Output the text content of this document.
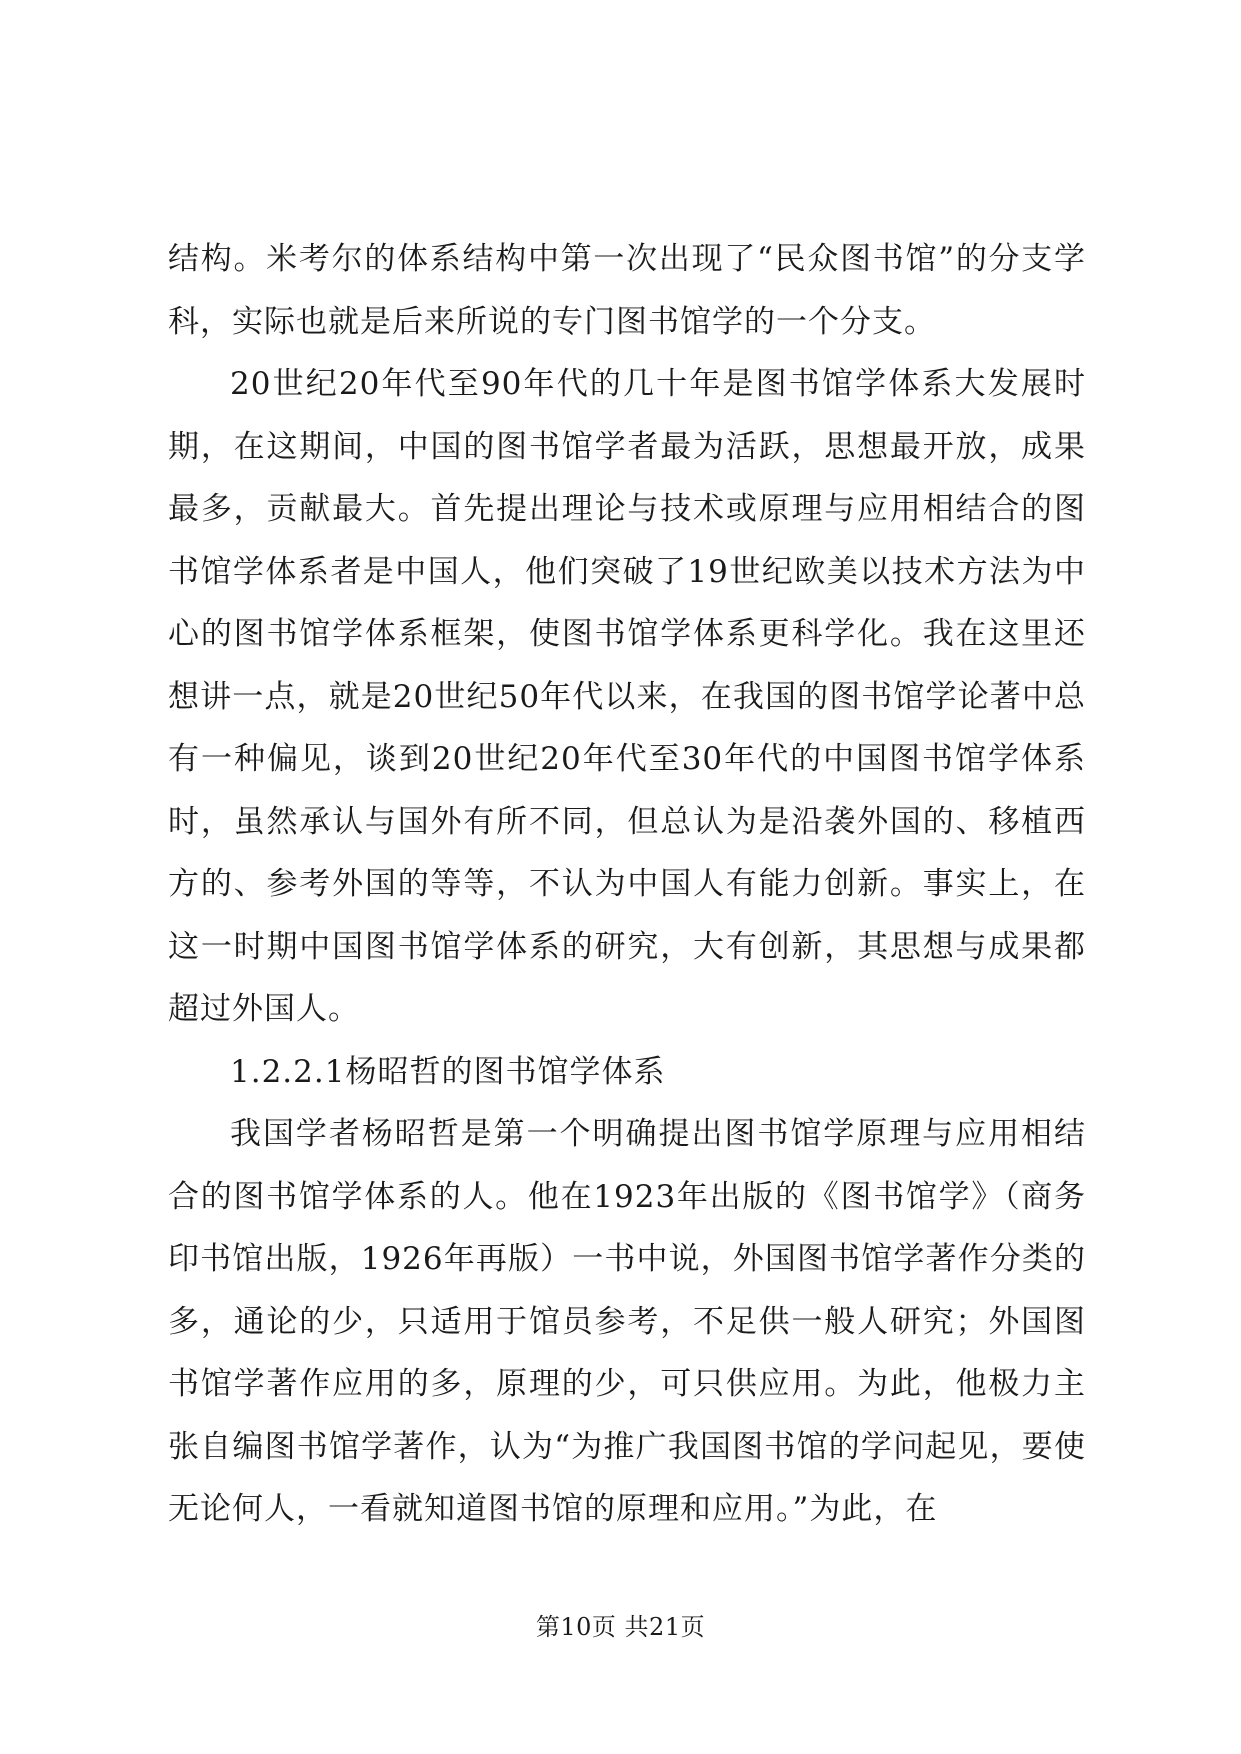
结构。米考尔的体系结构中第一次出现了“民众图书馆”的分支学科，实际也就是后来所说的专门图书馆学的一个分支。

20世纪20年代至90年代的几十年是图书馆学体系大发展时期，在这期间，中国的图书馆学者最为活跃，思想最开放，成果最多，贡献最大。首先提出理论与技术或原理与应用相结合的图书馆学体系者是中国人，他们突破了19世纪欧美以技术方法为中心的图书馆学体系框架，使图书馆学体系更科学化。我在这里还想讲一点，就是20世纪50年代以来，在我国的图书馆学论著中总有一种偏见，谈到20世纪20年代至30年代的中国图书馆学体系时，虽然承认与国外有所不同，但总认为是沿袭外国的、移植西方的、参考外国的等等，不认为中国人有能力创新。事实上，在这一时期中国图书馆学体系的研究，大有创新，其思想与成果都超过外国人。

1.2.2.1杨昭哲的图书馆学体系

我国学者杨昭哲是第一个明确提出图书馆学原理与应用相结合的图书馆学体系的人。他在1923年出版的《图书馆学》（商务印书馆出版，1926年再版）一书中说，外国图书馆学著作分类的多，通论的少，只适用于馆员参考，不足供一般人研究；外国图书馆学著作应用的多，原理的少，可只供应用。为此，他极力主张自编图书馆学著作，认为“为推广我国图书馆的学问起见，要使无论何人，一看就知道图书馆的原理和应用。”为此，在

第10页 共21页
